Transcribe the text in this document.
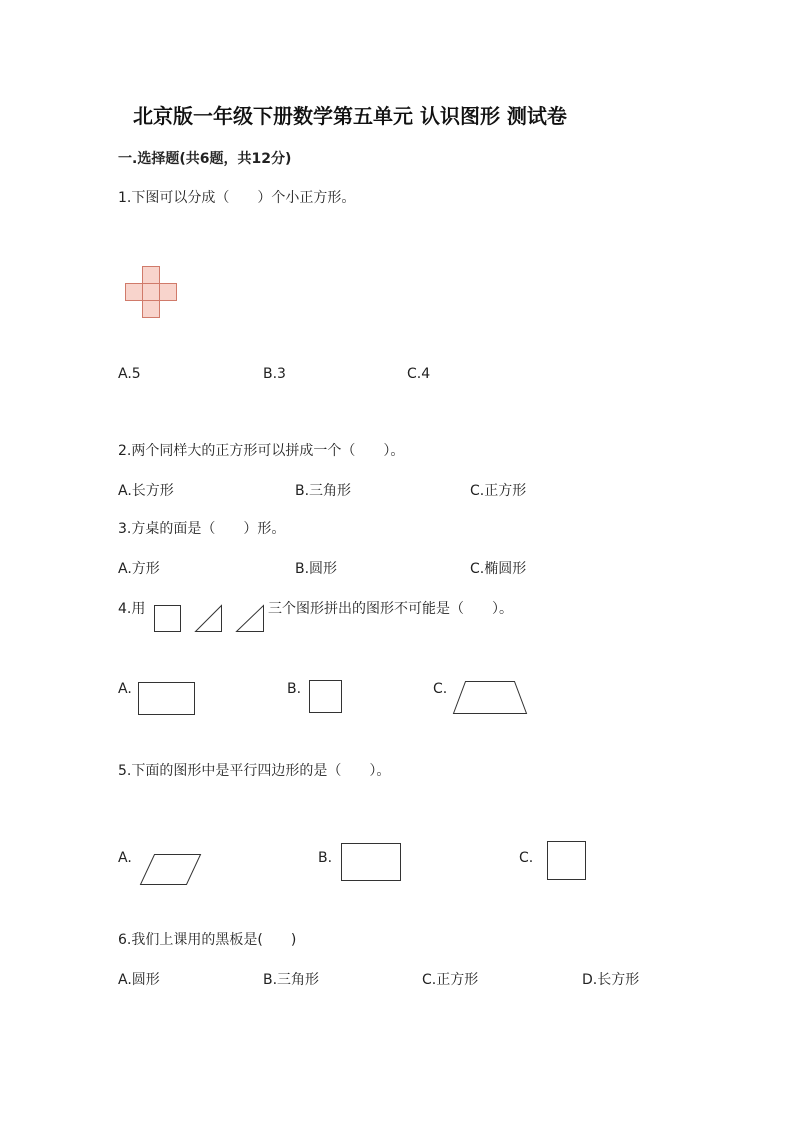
北京版一年级下册数学第五单元 认识图形 测试卷
一.选择题(共6题，共12分)
1.下图可以分成（　　）个小正方形。
A.5	B.3	C.4
2.两个同样大的正方形可以拼成一个（　　）。
A.长方形	B.三角形	C.正方形
3.方桌的面是（　　）形。
A.方形	B.圆形	C.椭圆形
4.用	三个图形拼出的图形不可能是（　　）。
A.	B.	C.
5.下面的图形中是平行四边形的是（　　）。
A.	B.	C.
6.我们上课用的黑板是(　　)
A.圆形	B.三角形	C.正方形	D.长方形
